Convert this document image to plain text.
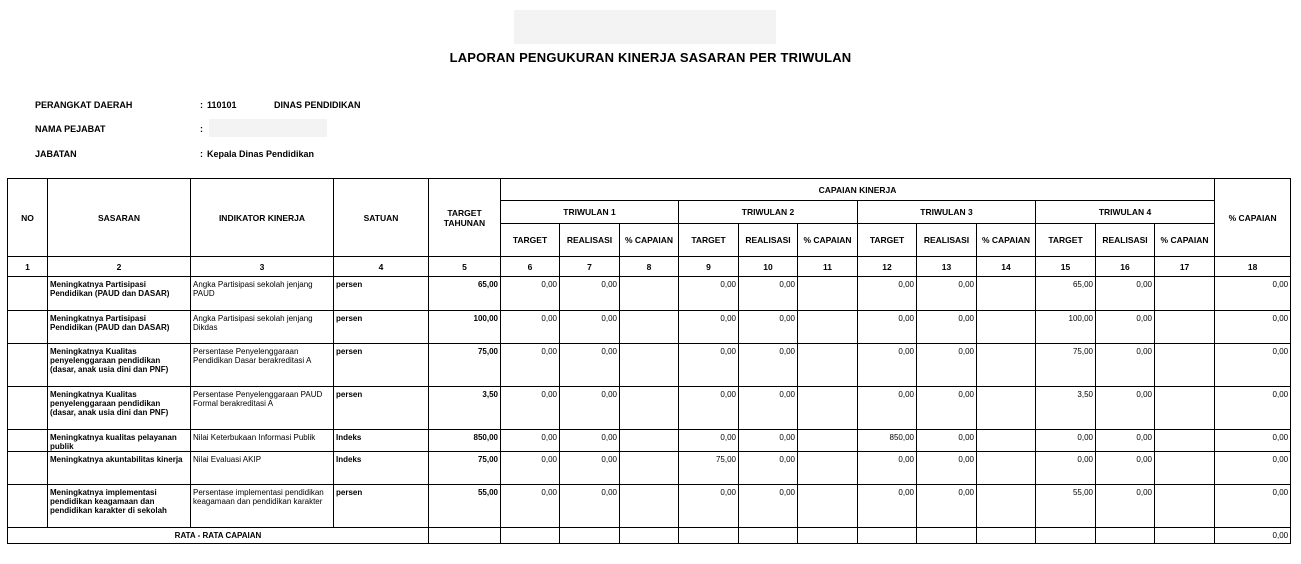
LAPORAN PENGUKURAN KINERJA SASARAN PER TRIWULAN
PERANGKAT DAERAH	: 110101	DINAS PENDIDIKAN
NAMA PEJABAT	:
JABATAN	: Kepala Dinas Pendidikan
NO	SASARAN	INDIKATOR KINERJA	SATUAN	TARGET TAHUNAN	CAPAIAN KINERJA												% CAPAIAN
					TRIWULAN 1			TRIWULAN 2			TRIWULAN 3			TRIWULAN 4			
					TARGET	REALISASI	% CAPAIAN	TARGET	REALISASI	% CAPAIAN	TARGET	REALISASI	% CAPAIAN	TARGET	REALISASI	% CAPAIAN	
1	2	3	4	5	6	7	8	9	10	11	12	13	14	15	16	17	18
	Meningkatnya Partisipasi Pendidikan (PAUD dan DASAR)	Angka Partisipasi sekolah jenjang PAUD	persen	65,00	0,00	0,00		0,00	0,00		0,00	0,00		65,00	0,00		0,00
	Meningkatnya Partisipasi Pendidikan (PAUD dan DASAR)	Angka Partisipasi sekolah jenjang Dikdas	persen	100,00	0,00	0,00		0,00	0,00		0,00	0,00		100,00	0,00		0,00
	Meningkatnya Kualitas penyelenggaraan pendidikan (dasar, anak usia dini dan PNF)	Persentase Penyelenggaraan Pendidikan Dasar berakreditasi A	persen	75,00	0,00	0,00		0,00	0,00		0,00	0,00		75,00	0,00		0,00
	Meningkatnya Kualitas penyelenggaraan pendidikan (dasar, anak usia dini dan PNF)	Persentase Penyelenggaraan PAUD Formal berakreditasi A	persen	3,50	0,00	0,00		0,00	0,00		0,00	0,00		3,50	0,00		0,00
	Meningkatnya kualitas pelayanan publik	Nilai Keterbukaan Informasi Publik	Indeks	850,00	0,00	0,00		0,00	0,00		850,00	0,00		0,00	0,00		0,00
	Meningkatnya akuntabilitas kinerja	Nilai Evaluasi AKIP	Indeks	75,00	0,00	0,00		75,00	0,00		0,00	0,00		0,00	0,00		0,00
	Meningkatnya implementasi pendidikan keagamaan dan pendidikan karakter di sekolah	Persentase implementasi pendidikan keagamaan dan pendidikan karakter	persen	55,00	0,00	0,00		0,00	0,00		0,00	0,00		55,00	0,00		0,00
RATA - RATA CAPAIAN																	0,00
